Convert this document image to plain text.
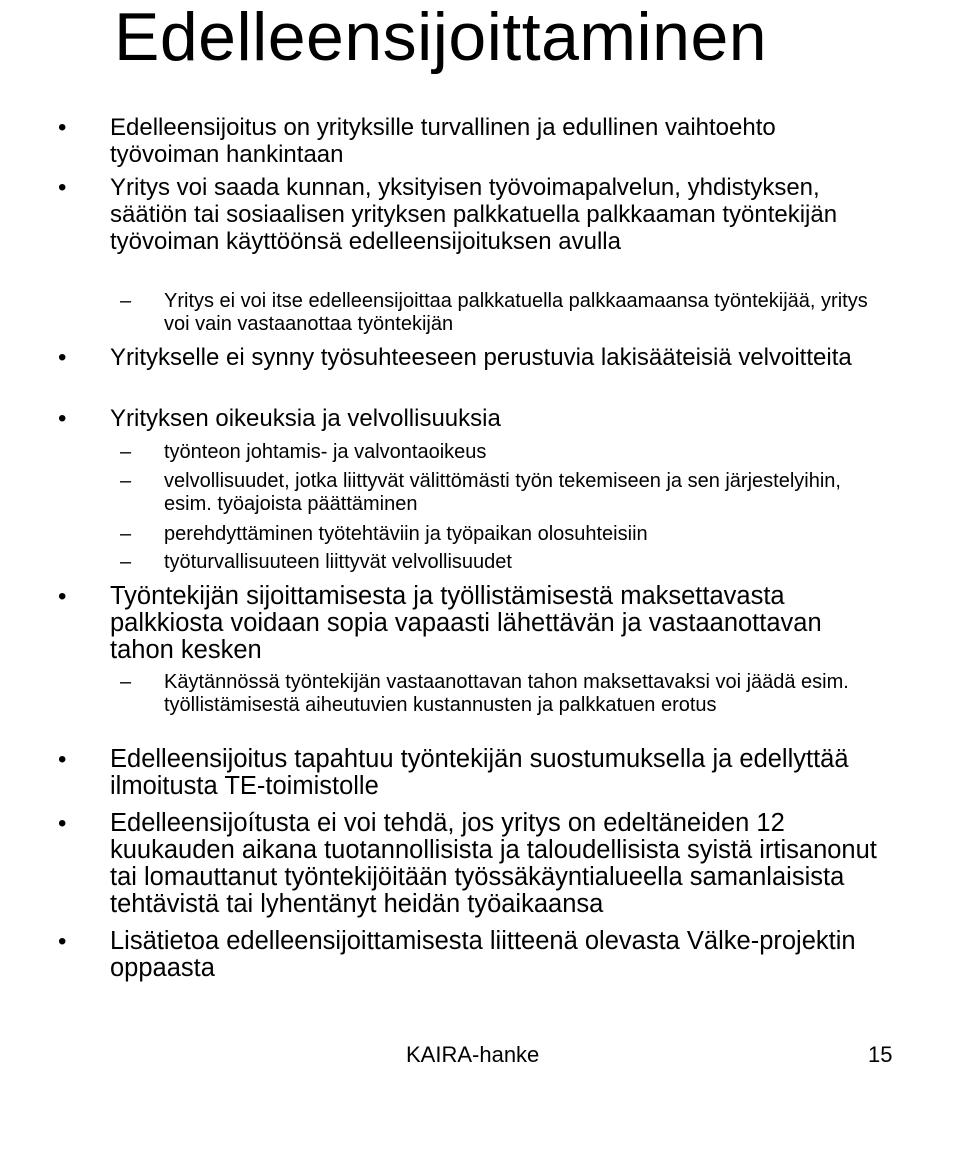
Edelleensijoittaminen
• Edelleensijoitus on yrityksille turvallinen ja edullinen vaihtoehto työvoiman hankintaan
• Yritys voi saada kunnan, yksityisen työvoimapalvelun, yhdistyksen, säätiön tai sosiaalisen yrityksen palkkatuella palkkaaman työntekijän työvoiman käyttöönsä edelleensijoituksen avulla
– Yritys ei voi itse edelleensijoittaa palkkatuella palkkaamaansa työntekijää, yritys voi vain vastaanottaa työntekijän
• Yritykselle ei synny työsuhteeseen perustuvia lakisääteisiä velvoitteita
• Yrityksen oikeuksia ja velvollisuuksia
– työnteon johtamis- ja valvontaoikeus
– velvollisuudet, jotka liittyvät välittömästi työn tekemiseen ja sen järjestelyihin, esim. työajoista päättäminen
– perehdyttäminen työtehtäviin ja työpaikan olosuhteisiin
– työturvallisuuteen liittyvät velvollisuudet
• Työntekijän sijoittamisesta ja työllistämisestä maksettavasta palkkiosta voidaan sopia vapaasti lähettävän ja vastaanottavan tahon kesken
– Käytännössä työntekijän vastaanottavan tahon maksettavaksi voi jäädä esim. työllistämisestä aiheutuvien kustannusten ja palkkatuen erotus
• Edelleensijoitus tapahtuu työntekijän suostumuksella ja edellyttää ilmoitusta TE-toimistolle
• Edelleensijoítusta ei voi tehdä, jos yritys on edeltäneiden 12 kuukauden aikana tuotannollisista ja taloudellisista syistä irtisanonut tai lomauttanut työntekijöitään työssäkäyntialueella samanlaisista tehtävistä tai lyhentänyt heidän työaikaansa
• Lisätietoa edelleensijoittamisesta liitteenä olevasta Välke-projektin oppaasta
KAIRA-hanke	15
